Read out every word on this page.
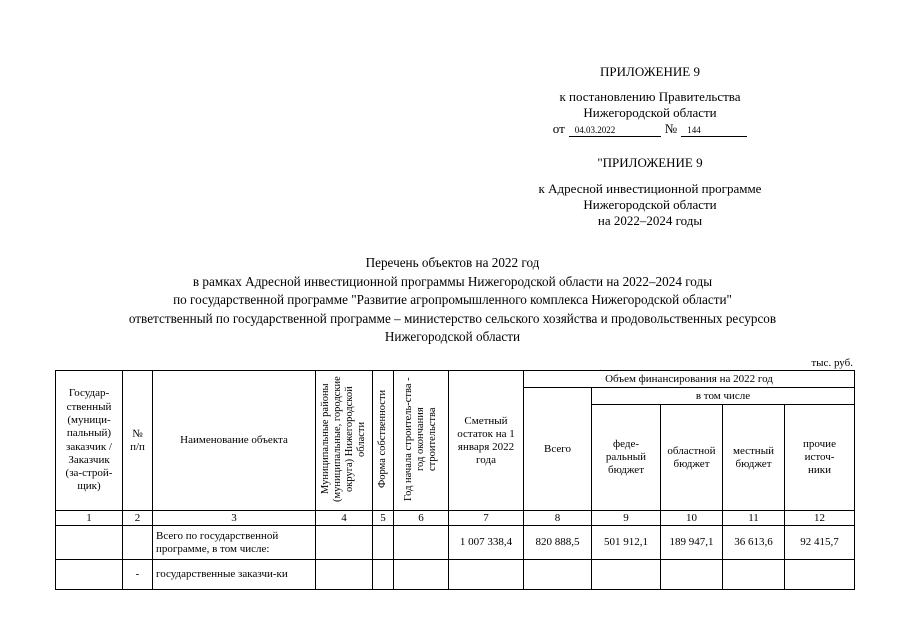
ПРИЛОЖЕНИЕ 9
к постановлению Правительства
Нижегородской области
от	04.03.2022	№	144
"ПРИЛОЖЕНИЕ 9
к Адресной инвестиционной программе
Нижегородской области
на 2022–2024 годы
Перечень объектов на 2022 год
в рамках Адресной инвестиционной программы Нижегородской области на 2022–2024 годы
по государственной программе "Развитие агропромышленного комплекса Нижегородской области"
ответственный по государственной программе – министерство сельского хозяйства и продовольственных ресурсов
Нижегородской области
тыс. руб.
Государ-ственный (муници-пальный) заказчик / Заказчик (за-строй-щик)	№ п/п	Наименование объекта	Муниципальные районы (муниципальные, городские округа) Нижегородской области	Форма собственности	Год начала строитель-ства - год окончания строительства	Сметный остаток на 1 января 2022 года	Объем финансирования на 2022 год				
							Всего	в том числе			

								феде-ральный бюджет	областной бюджет	местный бюджет	прочие источ-ники

1	2	3	4	5	6	7	8	9	10	11	12
		Всего по государственной программе, в том числе:				1 007 338,4	820 888,5	501 912,1	189 947,1	36 613,6	92 415,7
	-	государственные заказчи-ки									
